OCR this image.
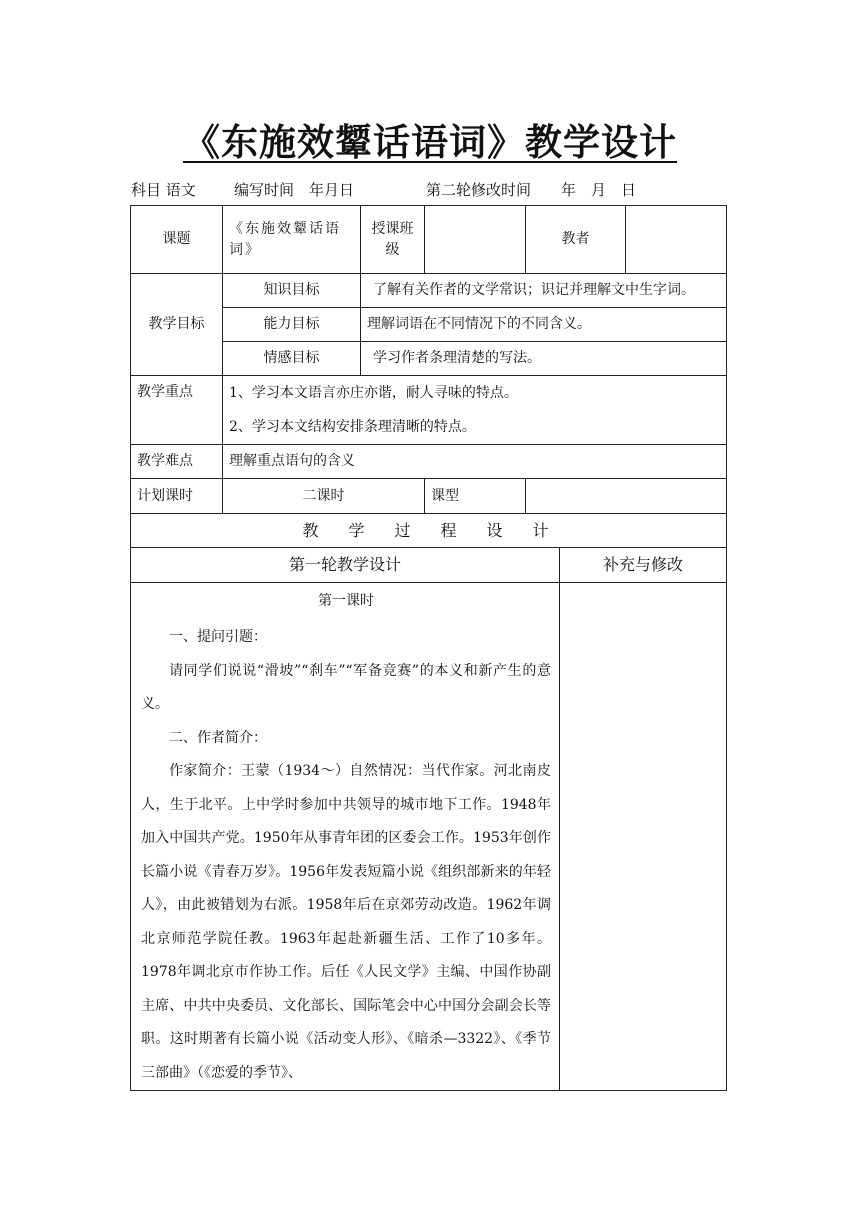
《东施效颦话语词》教学设计
科目 语文	编写时间　年月日	第二轮修改时间　　年　月　日
课题	《东施效颦话语词》	授课班级		教者		
教学目标	知识目标	了解有关作者的文学常识；识记并理解文中生字词。				
	能力目标	理解词语在不同情况下的不同含义。				
	情感目标	学习作者条理清楚的写法。				
教学重点	1、学习本文语言亦庄亦谐，耐人寻味的特点。
2、学习本文结构安排条理清晰的特点。					

教学难点	理解重点语句的含义					
计划课时	二课时		课型			
教学过程设计						
第一轮教学设计					补充与修改	

第一课时

一、提问引题：

请同学们说说“滑坡”“刹车”“军备竞赛”的本义和新产生的意义。

二、作者简介：

作家简介：王蒙（1934～）自然情况：当代作家。河北南皮人，生于北平。上中学时参加中共领导的城市地下工作。1948年加入中国共产党。1950年从事青年团的区委会工作。1953年创作长篇小说《青春万岁》。1956年发表短篇小说《组织部新来的年轻人》，由此被错划为右派。1958年后在京郊劳动改造。1962年调北京师范学院任教。1963年起赴新疆生活、工作了10多年。1978年调北京市作协工作。后任《人民文学》主编、中国作协副主席、中共中央委员、文化部长、国际笔会中心中国分会副会长等职。这时期著有长篇小说《活动变人形》、《暗杀—3322》、《季节三部曲》（《恋爱的季节》、						
